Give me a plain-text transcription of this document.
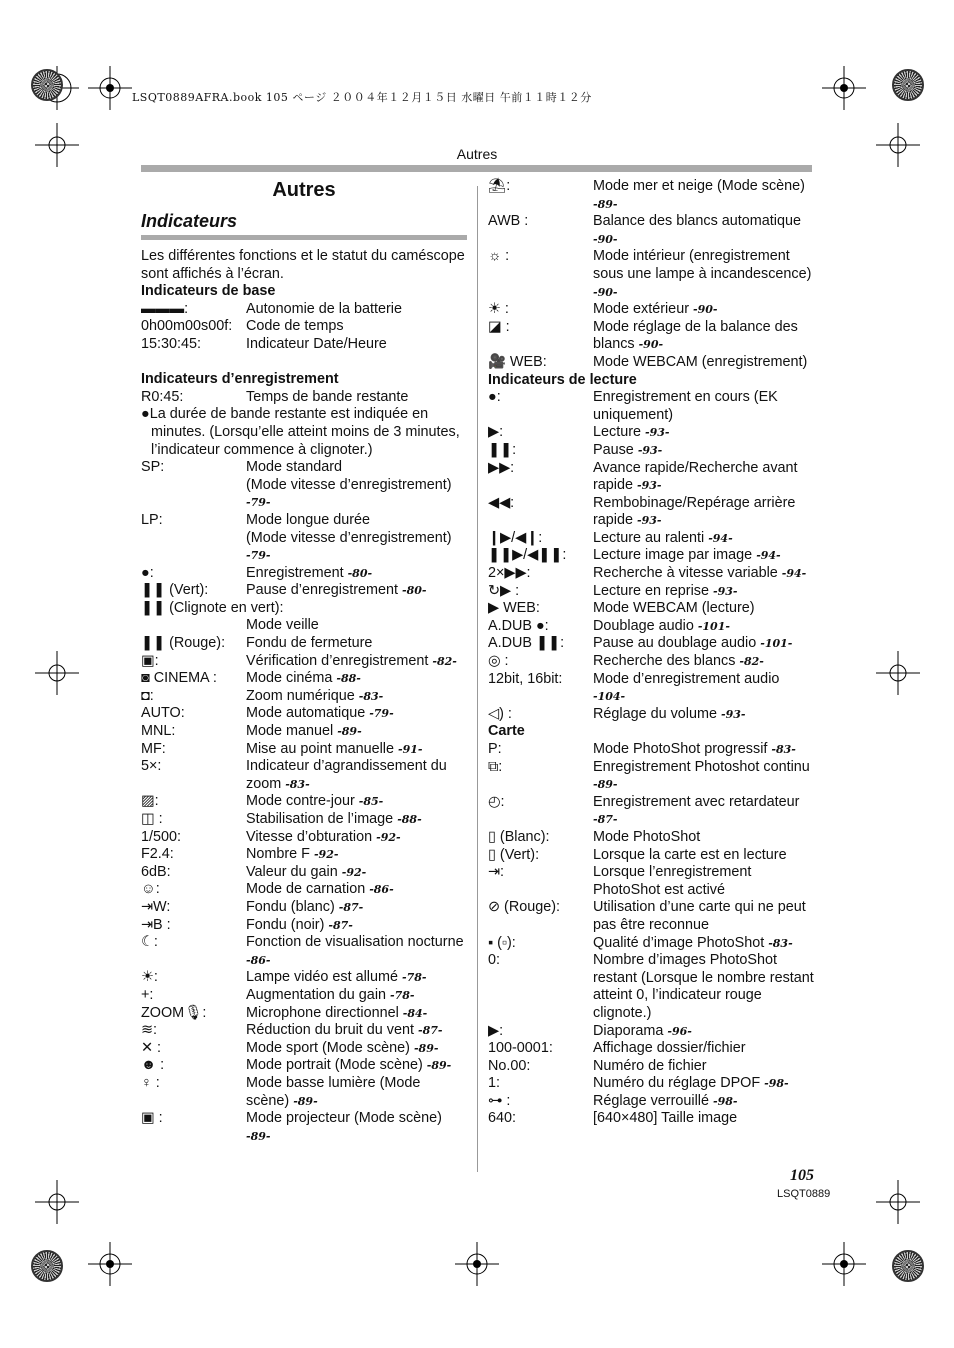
LSQT0889AFRA.book 105 ページ ２００４年１２月１５日 水曜日 午前１１時１２分
Autres
Autres
Indicateurs
Les différentes fonctions et le statut du caméscope sont affichés à l’écran.
Indicateurs de base
▬▬▬:	Autonomie de la batterie
0h00m00s00f: Code de temps
15:30:45:	Indicateur Date/Heure
Indicateurs d’enregistrement
R0:45:	Temps de bande restante
●La durée de bande restante est indiquée en minutes. (Lorsqu’elle atteint moins de 3 minutes, l’indicateur commence à clignoter.)
SP:	Mode standard
(Mode vitesse d’enregistrement) -79-
LP:	Mode longue durée
(Mode vitesse d’enregistrement) -79-
●:	Enregistrement -80-
❚❚ (Vert):	Pause d’enregistrement -80-
❚❚ (Clignote en vert):
Mode veille
❚❚ (Rouge):	Fondu de fermeture
▣:	Vérification d’enregistrement -82-
◙ CINEMA :	Mode cinéma -88-
◘:	Zoom numérique -83-
AUTO:	Mode automatique -79-
MNL:	Mode manuel -89-
MF:	Mise au point manuelle -91-
5×:	Indicateur d’agrandissement du zoom -83-
▨:	Mode contre-jour -85-
◫ :	Stabilisation de l’image -88-
1/500:	Vitesse d’obturation -92-
F2.4:	Nombre F -92-
6dB:	Valeur du gain -92-
☺:	Mode de carnation -86-
⇥W:	Fondu (blanc) -87-
⇥B :	Fondu (noir) -87-
☾:	Fonction de visualisation nocturne -86-
☀:	Lampe vidéo est allumé -78-
+:	Augmentation du gain -78-
ZOOM🎙:	Microphone directionnel -84-
≋:	Réduction du bruit du vent -87-
✕ :	Mode sport (Mode scène) -89-
☻ :	Mode portrait (Mode scène) -89-
♀ :	Mode basse lumière (Mode scène) -89-
▣ :	Mode projecteur (Mode scène) -89-
⛱:	Mode mer et neige (Mode scène) -89-
AWB :	Balance des blancs automatique -90-
☼ :	Mode intérieur (enregistrement sous une lampe à incandescence) -90-
☀ :	Mode extérieur -90-
◪ :	Mode réglage de la balance des blancs -90-
🎥 WEB:	Mode WEBCAM (enregistrement)
Indicateurs de lecture
●:	Enregistrement en cours (EK uniquement)
▶:	Lecture -93-
❚❚:	Pause -93-
▶▶:	Avance rapide/Recherche avant rapide -93-
◀◀:	Rembobinage/Repérage arrière rapide -93-
❙▶/◀❙:	Lecture au ralenti -94-
❚❚▶/◀❚❚:	Lecture image par image -94-
2×▶▶:	Recherche à vitesse variable -94-
↻▶ :	Lecture en reprise -93-
▶ WEB:	Mode WEBCAM (lecture)
A.DUB ●:	Doublage audio -101-
A.DUB ❚❚:	Pause au doublage audio -101-
◎ :	Recherche des blancs -82-
12bit, 16bit:	Mode d’enregistrement audio -104-
◁) :	Réglage du volume -93-
Carte
P:	Mode PhotoShot progressif -83-
⧉:	Enregistrement Photoshot continu -89-
◴:	Enregistrement avec retardateur -87-
▯ (Blanc):	Mode PhotoShot
▯ (Vert):	Lorsque la carte est en lecture
⇥:	Lorsque l’enregistrement PhotoShot est activé
⊘ (Rouge):	Utilisation d’une carte qui ne peut pas être reconnue
▪ (▫):	Qualité d’image PhotoShot -83-
0:	Nombre d’images PhotoShot restant (Lorsque le nombre restant atteint 0, l’indicateur rouge clignote.)
▶:	Diaporama -96-
100-0001:	Affichage dossier/fichier
No.00:	Numéro de fichier
1:	Numéro du réglage DPOF -98-
⊶ :	Réglage verrouillé -98-
640:	[640×480] Taille image
105
LSQT0889
